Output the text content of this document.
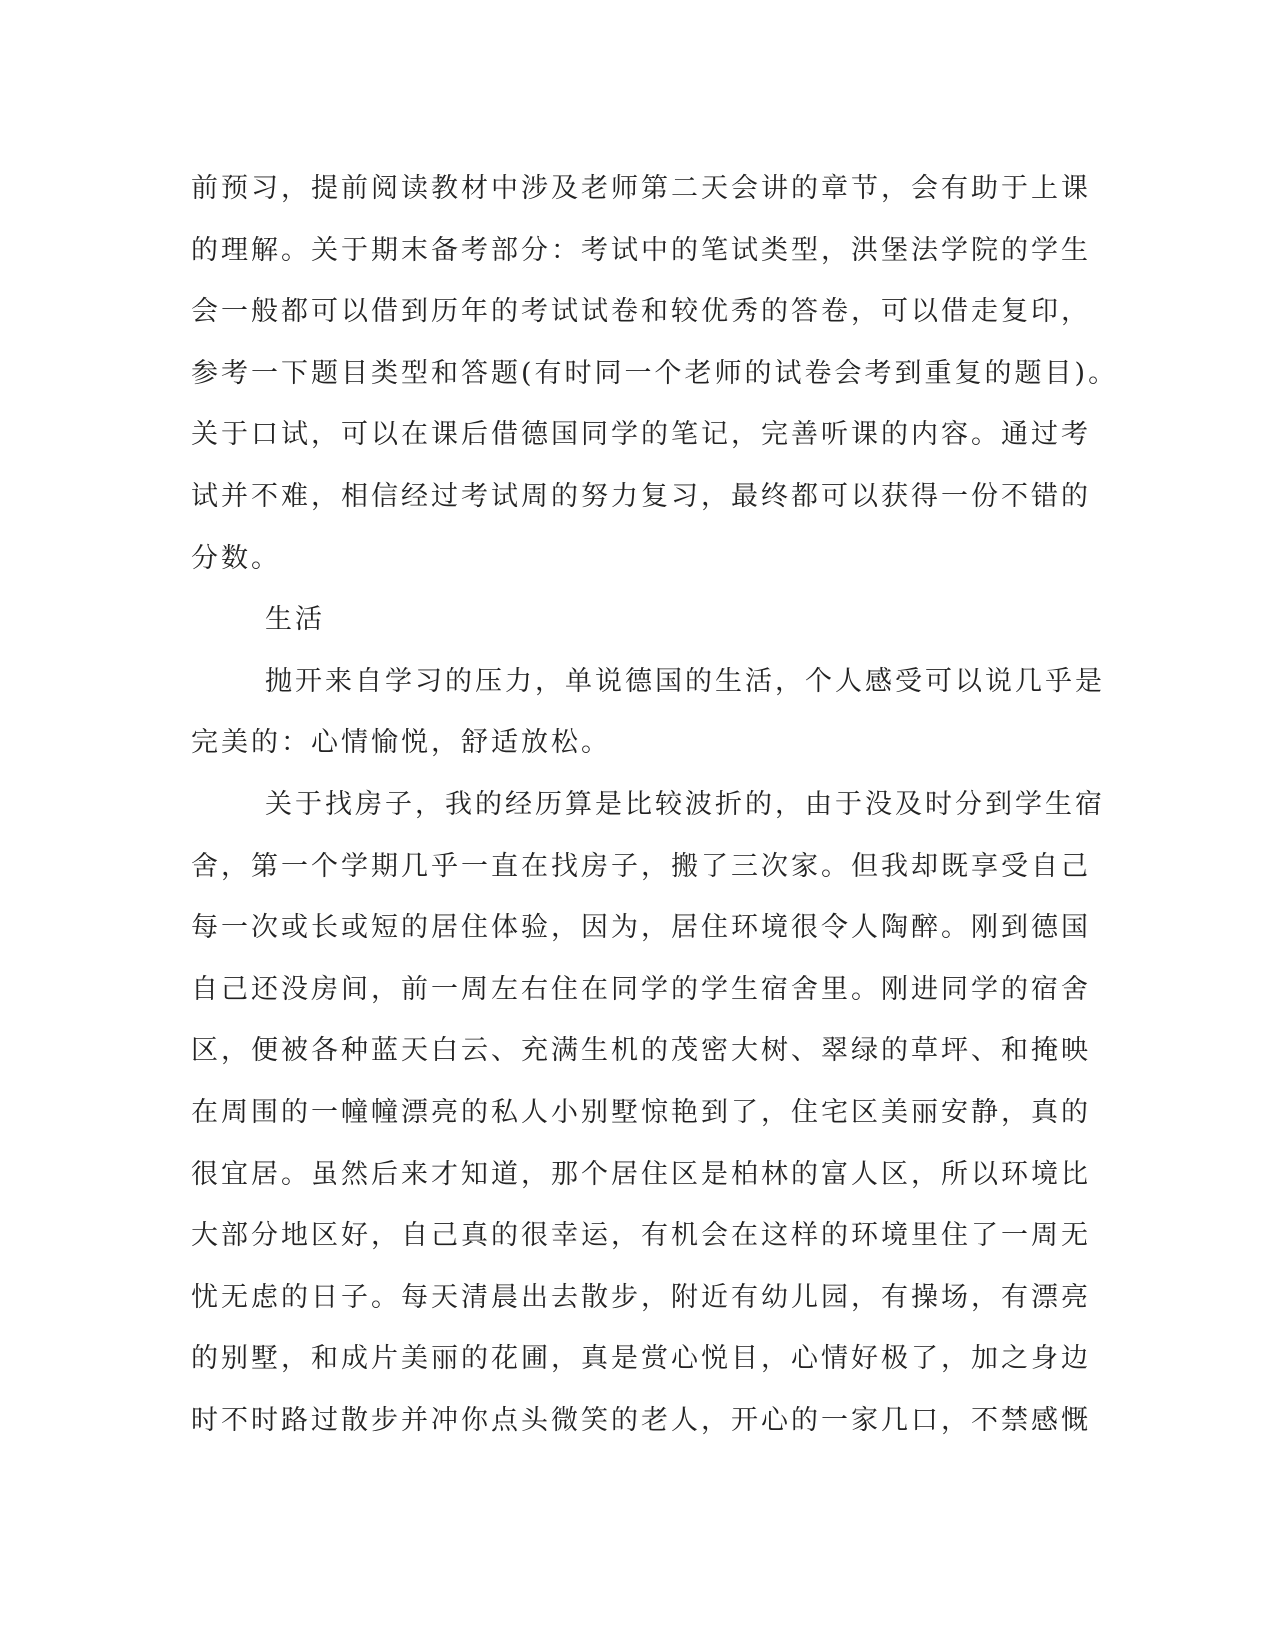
前预习，提前阅读教材中涉及老师第二天会讲的章节，会有助于上课
的理解。关于期末备考部分：考试中的笔试类型，洪堡法学院的学生
会一般都可以借到历年的考试试卷和较优秀的答卷，可以借走复印，
参考一下题目类型和答题(有时同一个老师的试卷会考到重复的题目)。
关于口试，可以在课后借德国同学的笔记，完善听课的内容。通过考
试并不难，相信经过考试周的努力复习，最终都可以获得一份不错的
分数。
生活
抛开来自学习的压力，单说德国的生活，个人感受可以说几乎是
完美的：心情愉悦，舒适放松。
关于找房子，我的经历算是比较波折的，由于没及时分到学生宿
舍，第一个学期几乎一直在找房子，搬了三次家。但我却既享受自己
每一次或长或短的居住体验，因为，居住环境很令人陶醉。刚到德国
自己还没房间，前一周左右住在同学的学生宿舍里。刚进同学的宿舍
区，便被各种蓝天白云、充满生机的茂密大树、翠绿的草坪、和掩映
在周围的一幢幢漂亮的私人小别墅惊艳到了，住宅区美丽安静，真的
很宜居。虽然后来才知道，那个居住区是柏林的富人区，所以环境比
大部分地区好，自己真的很幸运，有机会在这样的环境里住了一周无
忧无虑的日子。每天清晨出去散步，附近有幼儿园，有操场，有漂亮
的别墅，和成片美丽的花圃，真是赏心悦目，心情好极了，加之身边
时不时路过散步并冲你点头微笑的老人，开心的一家几口，不禁感慨
